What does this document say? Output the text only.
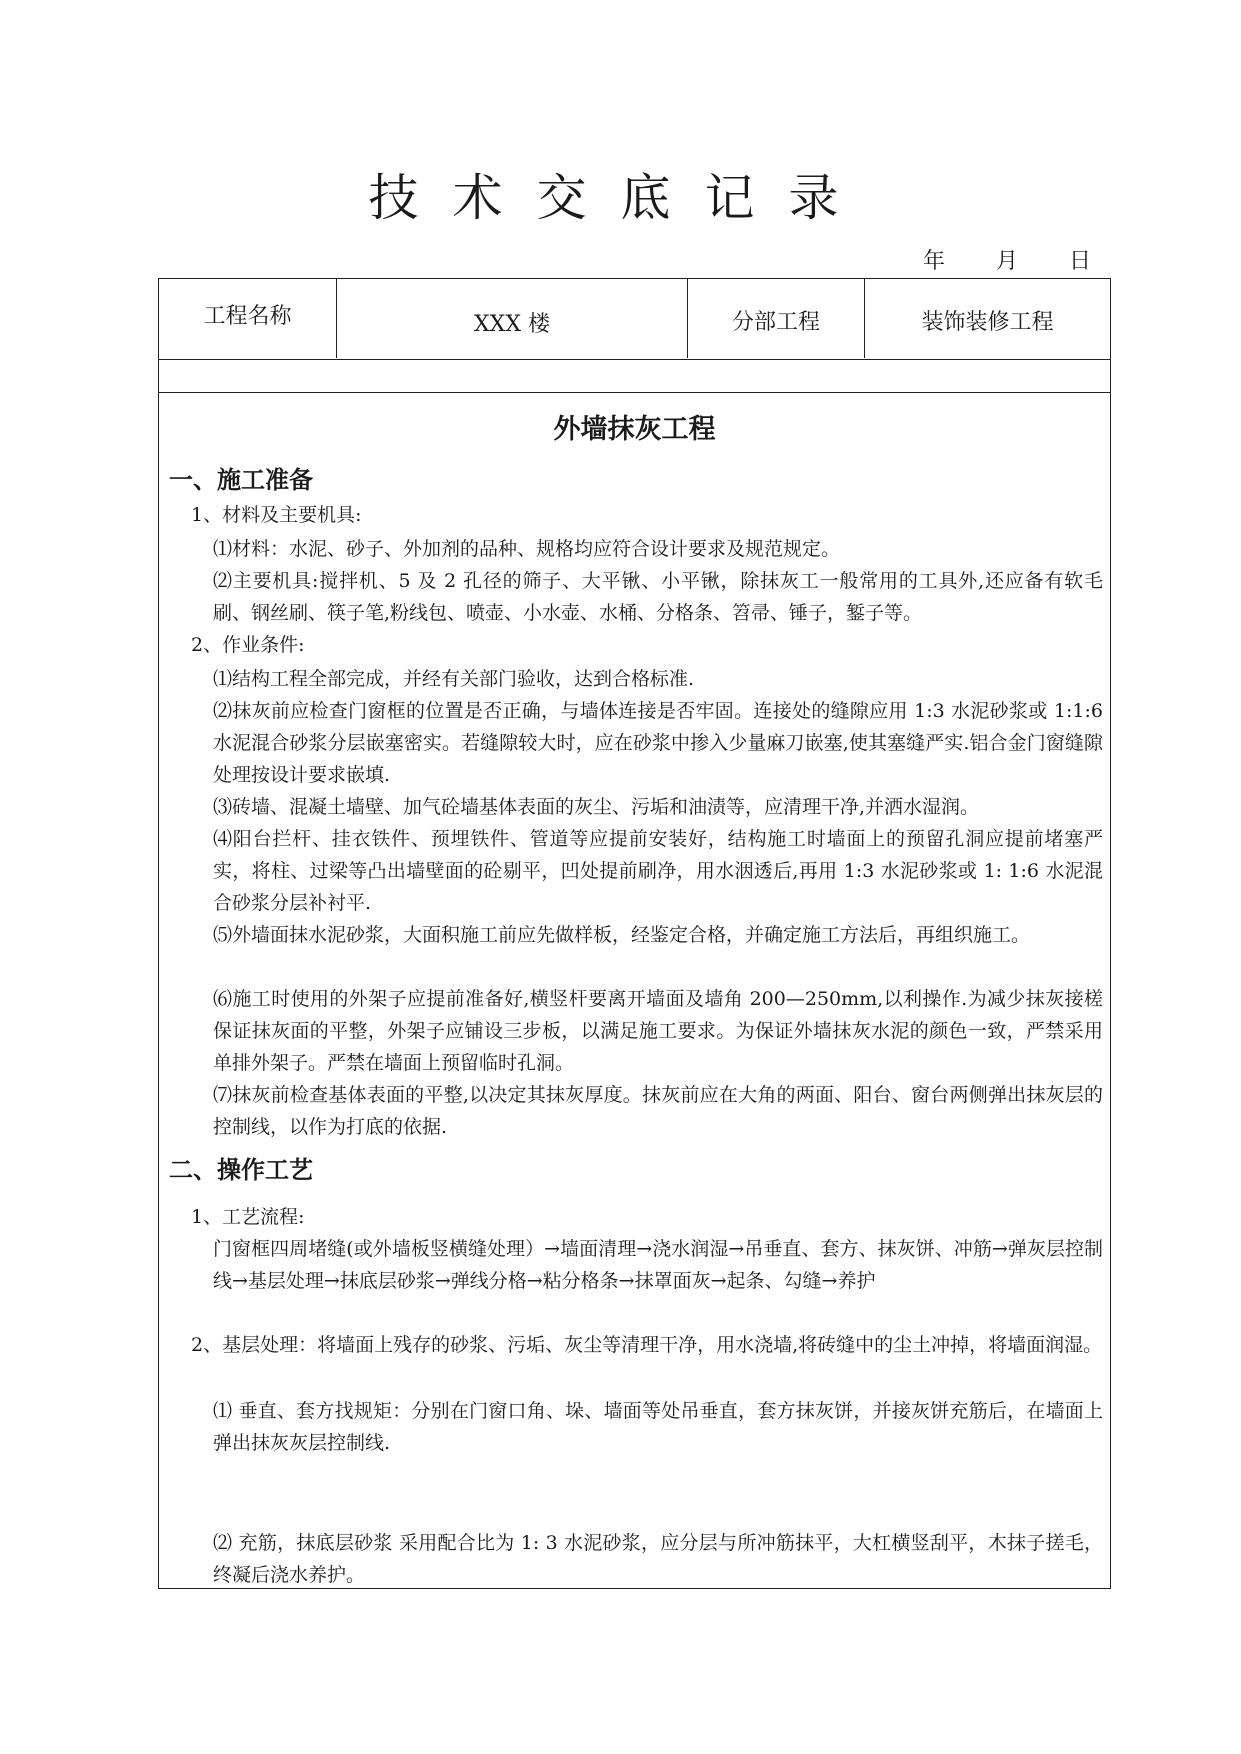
技术交底记录
年 月 日
工程名称	XXX 楼	分部工程	装饰装修工程
外墙抹灰工程
一、施工准备

1、材料及主要机具:

⑴材料：水泥、砂子、外加剂的品种、规格均应符合设计要求及规范规定。

⑵主要机具:搅拌机、5 及 2 孔径的筛子、大平锹、小平锹，除抹灰工一般常用的工具外,还应备有软毛刷、钢丝刷、筷子笔,粉线包、喷壶、小水壶、水桶、分格条、笤帚、锤子，錾子等。

2、作业条件:

⑴结构工程全部完成，并经有关部门验收，达到合格标准.

⑵抹灰前应检查门窗框的位置是否正确，与墙体连接是否牢固。连接处的缝隙应用 1:3 水泥砂浆或 1:1:6 水泥混合砂浆分层嵌塞密实。若缝隙较大时，应在砂浆中掺入少量麻刀嵌塞,使其塞缝严实.铝合金门窗缝隙处理按设计要求嵌填.

⑶砖墙、混凝土墙壁、加气砼墙基体表面的灰尘、污垢和油渍等，应清理干净,并洒水湿润。

⑷阳台拦杆、挂衣铁件、预埋铁件、管道等应提前安装好，结构施工时墙面上的预留孔洞应提前堵塞严实，将柱、过梁等凸出墙壁面的砼剔平，凹处提前刷净，用水洇透后,再用 1:3 水泥砂浆或 1: 1:6 水泥混合砂浆分层补衬平.

⑸外墙面抹水泥砂浆，大面积施工前应先做样板，经鉴定合格，并确定施工方法后，再组织施工。

⑹施工时使用的外架子应提前准备好,横竖杆要离开墙面及墙角 200—250mm,以利操作.为减少抹灰接槎保证抹灰面的平整，外架子应铺设三步板，以满足施工要求。为保证外墙抹灰水泥的颜色一致，严禁采用单排外架子。严禁在墙面上预留临时孔洞。

⑺抹灰前检查基体表面的平整,以决定其抹灰厚度。抹灰前应在大角的两面、阳台、窗台两侧弹出抹灰层的控制线，以作为打底的依据.

二、操作工艺

1、工艺流程:

门窗框四周堵缝(或外墙板竖横缝处理）→墙面清理→浇水润湿→吊垂直、套方、抹灰饼、冲筋→弹灰层控制线→基层处理→抹底层砂浆→弹线分格→粘分格条→抹罩面灰→起条、勾缝→养护

2、基层处理：将墙面上残存的砂浆、污垢、灰尘等清理干净，用水浇墙,将砖缝中的尘土冲掉，将墙面润湿。

⑴ 垂直、套方找规矩：分别在门窗口角、垛、墙面等处吊垂直，套方抹灰饼，并接灰饼充筋后，在墙面上弹出抹灰灰层控制线.

⑵ 充筋，抹底层砂浆 采用配合比为 1: 3 水泥砂浆，应分层与所冲筋抹平，大杠横竖刮平，木抹子搓毛，终凝后浇水养护。
